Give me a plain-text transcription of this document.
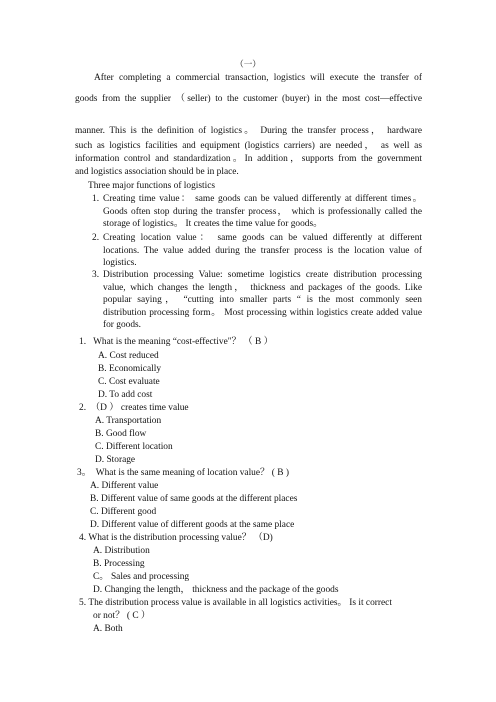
（一）
After completing a commercial transaction, logistics will execute the transfer of
goods from the supplier （seller) to the customer (buyer) in the most cost—effective
manner. This is the definition of logistics。 During the transfer process， hardware
such as logistics facilities and equipment (logistics carriers) are needed， as well as
information control and standardization。In addition，supports from the government
and logistics association should be in place.
Three major functions of logistics
1. Creating time value： same goods can be valued differently at different times。Goods often stop during the transfer process， which is professionally called the storage of logistics。 It creates the time value for goods。
2. Creating location value： same goods can be valued differently at different locations. The value added during the transfer process is the location value of logistics.
3. Distribution processing Value: sometime logistics create distribution processing value, which changes the length， thickness and packages of the goods. Like popular saying， “cutting into smaller parts “ is the most commonly seen distribution processing form。 Most processing within logistics create added value for goods.
1. What is the meaning “cost-effective"？ （ B ）
A. Cost reduced
B. Economically
C. Cost evaluate
D. To add cost
2. （D ） creates time value
A. Transportation
B. Good flow
C. Different location
D. Storage
3。 What is the same meaning of location value？ ( B )
A. Different value
B. Different value of same goods at the different places
C. Different good
D. Different value of different goods at the same place
4. What is the distribution processing value？ （D)
A. Distribution
B. Processing
C。 Sales and processing
D. Changing the length， thickness and the package of the goods
5. The distribution process value is available in all logistics activities。 Is it correct
or not？ ( C ）
A. Both
